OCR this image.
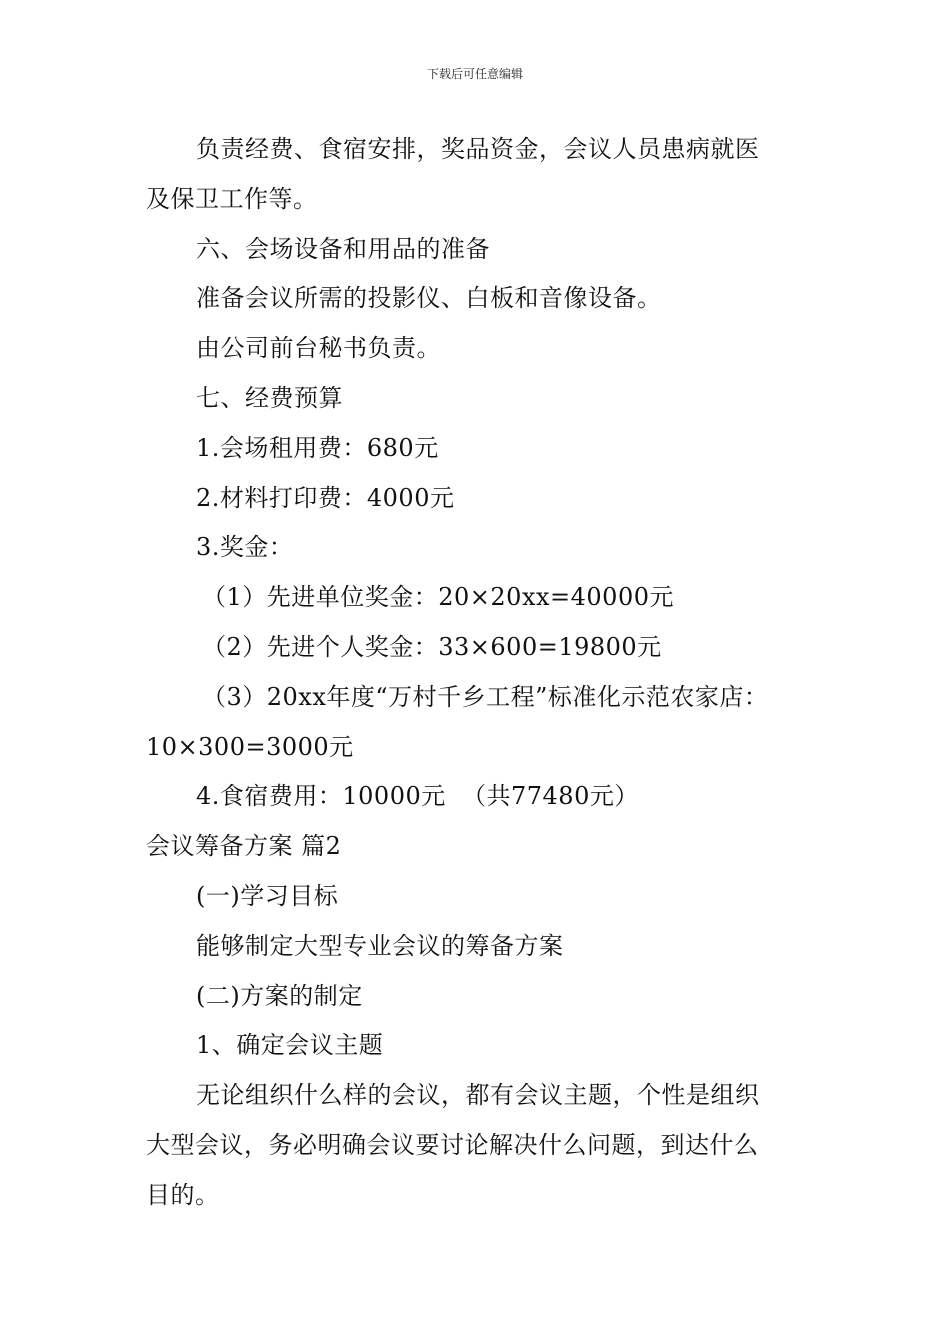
下载后可任意编辑

负责经费、食宿安排，奖品资金，会议人员患病就医

及保卫工作等。

六、会场设备和用品的准备

准备会议所需的投影仪、白板和音像设备。

由公司前台秘书负责。

七、经费预算

1.会场租用费：680元

2.材料打印费：4000元

3.奖金：

（1）先进单位奖金：20×20xx=40000元

（2）先进个人奖金：33×600=19800元

（3）20xx年度“万村千乡工程”标准化示范农家店：

10×300=3000元

4.食宿费用：10000元  （共77480元）

会议筹备方案 篇2

(一)学习目标

能够制定大型专业会议的筹备方案

(二)方案的制定

1、确定会议主题

无论组织什么样的会议，都有会议主题，个性是组织

大型会议，务必明确会议要讨论解决什么问题，到达什么

目的。
